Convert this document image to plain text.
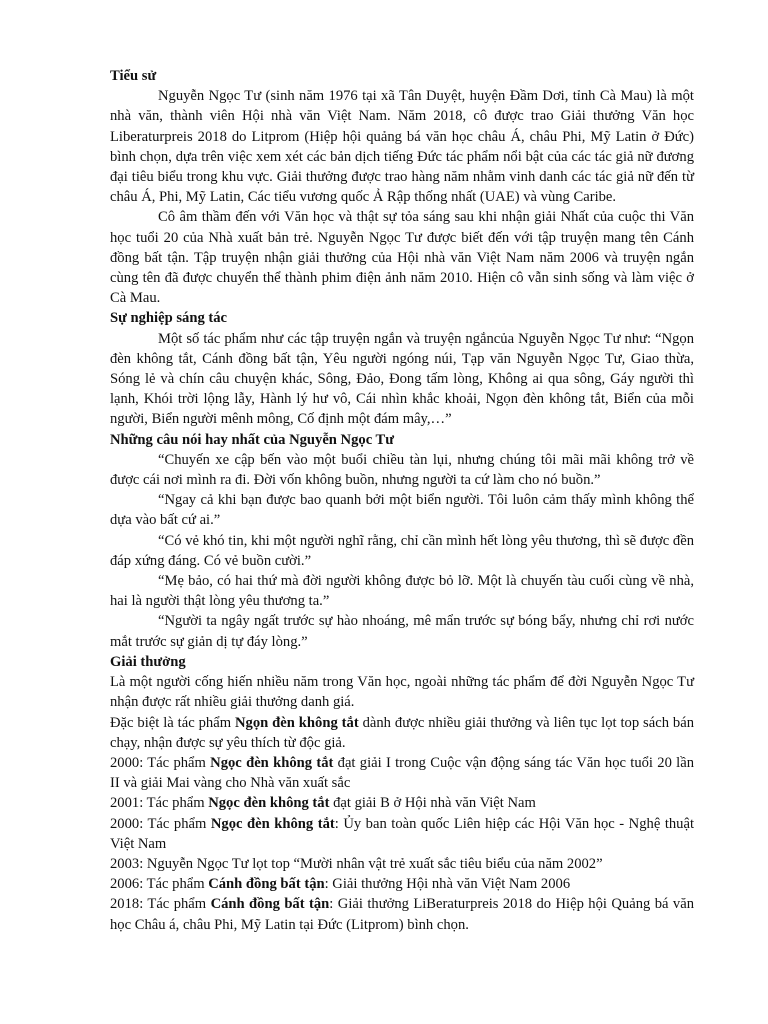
Tiểu sử

Nguyễn Ngọc Tư (sinh năm 1976 tại xã Tân Duyệt, huyện Đầm Dơi, tỉnh Cà Mau) là một nhà văn, thành viên Hội nhà văn Việt Nam. Năm 2018, cô được trao Giải thưởng Văn học Liberaturpreis 2018 do Litprom (Hiệp hội quảng bá văn học châu Á, châu Phi, Mỹ Latin ở Đức) bình chọn, dựa trên việc xem xét các bản dịch tiếng Đức tác phẩm nổi bật của các tác giả nữ đương đại tiêu biểu trong khu vực. Giải thưởng được trao hàng năm nhằm vinh danh các tác giả nữ đến từ châu Á, Phi, Mỹ Latin, Các tiểu vương quốc Ả Rập thống nhất (UAE) và vùng Caribe.

Cô âm thầm đến với Văn học và thật sự tỏa sáng sau khi nhận giải Nhất của cuộc thi Văn học tuổi 20 của Nhà xuất bản trẻ. Nguyễn Ngọc Tư được biết đến với tập truyện mang tên Cánh đồng bất tận. Tập truyện nhận giải thưởng của Hội nhà văn Việt Nam năm 2006 và truyện ngắn cùng tên đã được chuyển thể thành phim điện ảnh năm 2010. Hiện cô vẫn sinh sống và làm việc ở Cà Mau.

Sự nghiệp sáng tác

Một số tác phẩm như các tập truyện ngắn và truyện ngắncủa Nguyễn Ngọc Tư như: “Ngọn đèn không tắt, Cánh đồng bất tận, Yêu người ngóng núi, Tạp văn Nguyễn Ngọc Tư, Giao thừa, Sóng lẻ và chín câu chuyện khác, Sông, Đảo, Đong tấm lòng, Không ai qua sông, Gáy người thì lạnh, Khói trời lộng lẫy, Hành lý hư vô, Cái nhìn khắc khoải, Ngọn đèn không tắt, Biển của mỗi người, Biển người mênh mông, Cố định một đám mây,…”

Những câu nói hay nhất của Nguyễn Ngọc Tư

“Chuyến xe cập bến vào một buổi chiều tàn lụi, nhưng chúng tôi mãi mãi không trở về được cái nơi mình ra đi. Đời vốn không buồn, nhưng người ta cứ làm cho nó buồn.”

“Ngay cả khi bạn được bao quanh bởi một biển người. Tôi luôn cảm thấy mình không thể dựa vào bất cứ ai.”

“Có vẻ khó tin, khi một người nghĩ rằng, chỉ cần mình hết lòng yêu thương, thì sẽ được đền đáp xứng đáng. Có vẻ buồn cười.”

“Mẹ bảo, có hai thứ mà đời người không được bỏ lỡ. Một là chuyến tàu cuối cùng về nhà, hai là người thật lòng yêu thương ta.”

“Người ta ngây ngất trước sự hào nhoáng, mê mẩn trước sự bóng bẩy, nhưng chỉ rơi nước mắt trước sự giản dị tự đáy lòng.”

Giải thưởng

Là một người cống hiến nhiều năm trong Văn học, ngoài những tác phẩm để đời Nguyễn Ngọc Tư nhận được rất nhiều giải thưởng danh giá.

Đặc biệt là tác phẩm Ngọn đèn không tắt dành được nhiều giải thưởng và liên tục lọt top sách bán chạy, nhận được sự yêu thích từ độc giả.

2000: Tác phẩm Ngọc đèn không tắt đạt giải I trong Cuộc vận động sáng tác Văn học tuổi 20 lần II và giải Mai vàng cho Nhà văn xuất sắc

2001: Tác phẩm Ngọc đèn không tắt đạt giải B ở Hội nhà văn Việt Nam

2000: Tác phẩm Ngọc đèn không tắt: Ủy ban toàn quốc Liên hiệp các Hội Văn học - Nghệ thuật Việt Nam

2003: Nguyễn Ngọc Tư lọt top “Mười nhân vật trẻ xuất sắc tiêu biểu của năm 2002”

2006: Tác phẩm Cánh đồng bất tận: Giải thưởng Hội nhà văn Việt Nam 2006

2018: Tác phẩm Cánh đồng bất tận: Giải thưởng LiBeraturpreis 2018 do Hiệp hội Quảng bá văn học Châu á, châu Phi, Mỹ Latin tại Đức (Litprom) bình chọn.
